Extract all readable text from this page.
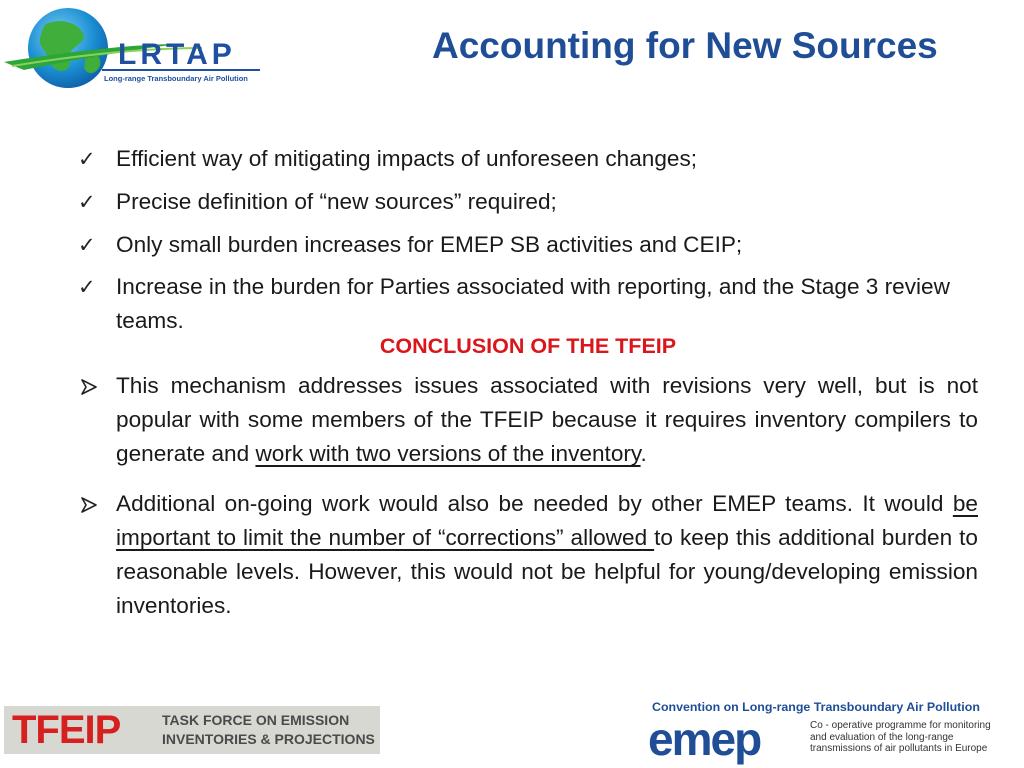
LRTAP
Long-range Transboundary Air Pollution
Accounting for New Sources
✓ Efficient way of mitigating impacts of unforeseen changes;
✓ Precise definition of “new sources” required;
✓ Only small burden increases for EMEP SB activities and CEIP;
✓ Increase in the burden for Parties associated with reporting, and the Stage 3 review teams.
CONCLUSION OF THE TFEIP
This mechanism addresses issues associated with revisions very well, but is not popular with some members of the TFEIP because it requires inventory compilers to generate and work with two versions of the inventory.
Additional on-going work would also be needed by other EMEP teams. It would be important to limit the number of “corrections” allowed to keep this additional burden to reasonable levels. However, this would not be helpful for young/developing emission inventories.
TFEIP	TASK FORCE ON EMISSION
INVENTORIES & PROJECTIONS
Convention on Long-range Transboundary Air Pollution
emep	Co - operative programme for monitoring
and evaluation of the long-range
transmissions of air pollutants in Europe
